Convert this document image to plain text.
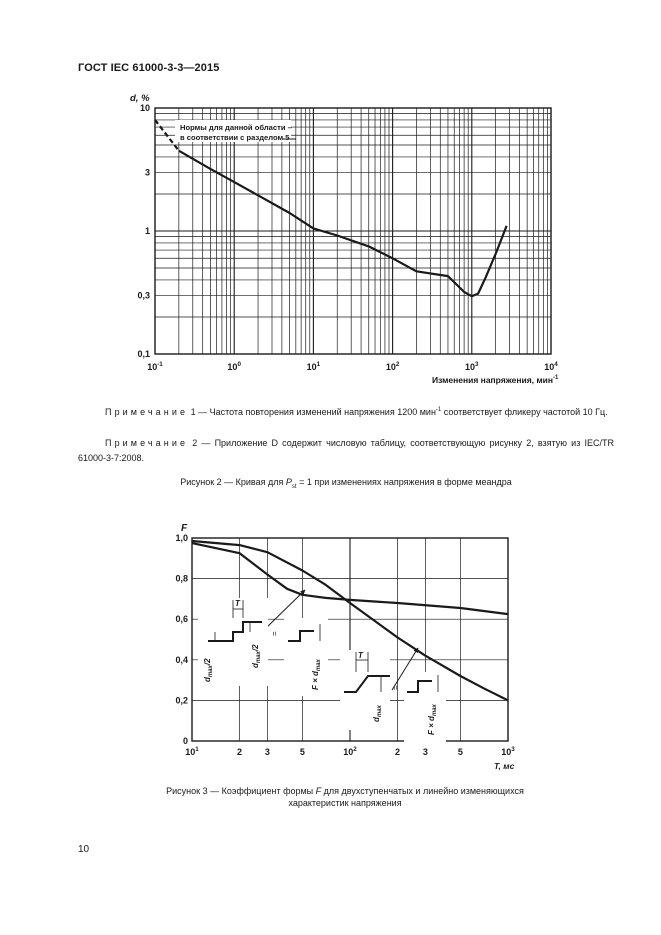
ГОСТ IEC 61000-3-3—2015
$10^{-1}$	$10^0$	$10^1$	$10^2$	$10^3$	$10^4$
10
3
1
0,3
0,1
d, %
Нормы для данной области –
в соответствии с разделом 5
Изменения напряжения, мин$^{-1}$
$10^1$	2	3	5	$10^2$	2	3	5	$10^3$
1,0
0,8
0,6
0,4
0,2
0
F
T, мс
T
$d_{max}/2$
$d_{max}/2$
=
$F \times d_{max}$
T
$d_{max}$
=
$F \times d_{max}$
   Примечание 1 — Частота повторения изменений напряжения 1200 мин$^{-1}$ соответствует фликеру частотой 10 Гц.
   Примечание 2 — Приложение D содержит числовую таблицу, соответствующую рисунку 2, взятую из IEC/TR 61000-3-7:2008.
Рисунок 2 — Кривая для $P_{st} = 1$ при изменениях напряжения в форме меандра
Рисунок 3 — Коэффициент формы F для двухступенчатых и линейно изменяющихся
характеристик напряжения
10
